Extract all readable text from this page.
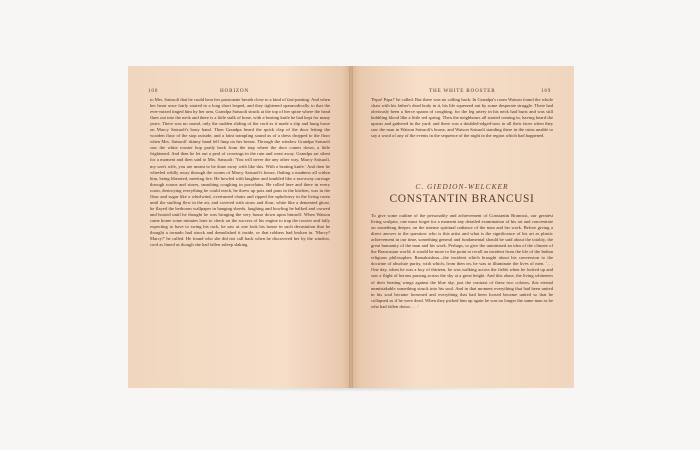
100	HORIZON
to Mrs. Satsuoli that he could hear her passionate breath close to a kind of fast-panting. And when her heart once fairly started in a long short leaped, and they tightened spasmodically to that the ever-mixed tinged him by her arm, Grandpa Satsuoli struck at the top of her spine where the head flues out into the neck and there is a little stalk of bone, with a beating knife he had kept for many years. There was no sound, only the sudden sliding of the cord as it made a slip and hung loose on Marcy Satsuoli's bony hand. Then Grandpa heard the quick clap of the door letting the wooden floor of the stop outside, and a faint trampling sound as of a dress dropped to the floor when Mrs. Satsuoli' skinny hand fell limp on her breast. Through the window Grandpa Satsuoli saw the white rooster hop partly back from the trap where the door comes down, a little frightened. And then he let out a peal of crowings in the rain and went away. Grandpa sat silent for a moment and then said to Mrs. Satsuoli: 'You will never die any other way, Marcy Satsuoli, my son's wife, you are meant to be done away with like this. With a beating knife.' And then he wheeled wildly away through the rooms of Marcy Satsuoli's house, flailing a madness all within him, being liberated, meeting fire. He howled with laughter and tumbled like a run-away carriage through rooms and stores, smashing coughing in porcelains. He rolled here and there in every room, destroying everything he could reach, he threw up pots and pans in the kitchen, was in the flour and sugar like a whirlwind, overturned chairs and ripped the upholstery in the living room until the stuffing flew in the air, and covered with straw and flour, white like a demented ghost, he flayed the bedroom wallpaper in hanging shreds, laughing and howling he balked and crowed and hooted until he thought he was bringing the very house down upon himself. When Watson came home some minutes later to check on the success of his engine to trap the rooster and fully expecting to have to swing his rack, he saw at one look his house in such devastation that he thought a tornado had struck and demolished it inside, or that robbers had broken in. 'Marcy? Marcy?' he called. He found who she did not call back when he discovered her by the window, cord as limed as though she had fallen asleep slaking.
THE WHITE ROOSTER	169
'Papa! Papa!' he called. But there was no calling back. In Grandpa's room Watson found the whole chair with his father's dead body in it, his life squeezed out by some desperate struggle. There had obviously been a fierce spasm of coughing, for the leg artery in his neck had burst and was still bubbling blood like a little red spring. Then the neighbours all started coming in, having heard the uproar and gathered in the yard; and there was a doubled-edged-now in all their faces when they saw the man in Watson Satsuoli's house, and Watson Satsuoli standing there in the ruins unable to say a word of any of the events in the sequence of the night in the region which had happened.
C. GIEDION-WELCKER
CONSTANTIN BRANCUSI
To give some outline of the personality and achievement of Constantin Brancusi, our greatest living sculptor, one must forget for a moment any detailed examination of his art and concentrate on something deeper, on the intense spiritual radiance of the man and his work. Before giving a direct answer to the question: who is this artist and what is the significance of his art as plastic achievement in our time, something general and fundamental should be said about the totality, the great humanity of the man and his work. Perhaps, to give the uninitiated an idea of the climate of the Brancusian world, it would be more to the point to recall an incident from the life of the Indian religious philosopher, Ramakrishna—the incident which brought about his conversion to the doctrine of absolute purity, with which, from then on, he was to illuminate the lives of men. '. . . One day, when he was a boy of thirteen, he was walking across the fields when he looked up and saw a flight of herons passing across the sky at a great height. And this alone, the living whiteness of their beating wings against the blue sky, just the contrast of these two colours, this eternal unmistakable something struck into his soul. And in that moment everything that had been united in his soul became loosened and everything that had been loosed became united so that he collapsed as if he were dead. When they picked him up again he was no longer the same man as he who had fallen down. . . .'
